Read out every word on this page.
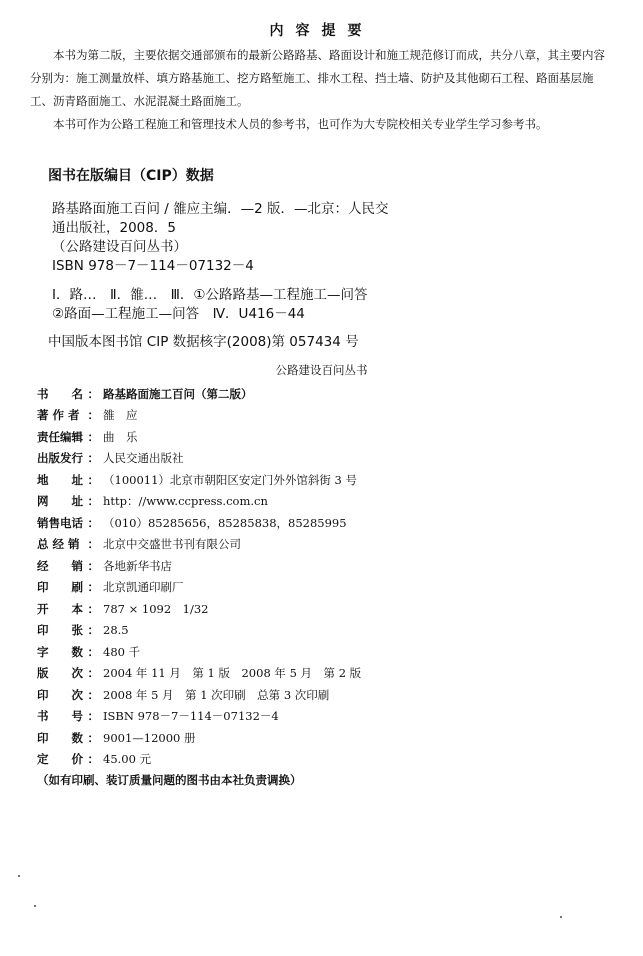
内容提要

本书为第二版，主要依据交通部颁布的最新公路路基、路面设计和施工规范修订而成，共分八章，其主要内容分别为：施工测量放样、填方路基施工、挖方路堑施工、排水工程、挡土墙、防护及其他砌石工程、路面基层施工、沥青路面施工、水泥混凝土路面施工。

本书可作为公路工程施工和管理技术人员的参考书，也可作为大专院校相关专业学生学习参考书。

图书在版编目（CIP）数据
路基路面施工百问 / 雒应主编．—2 版．—北京：人民交
通出版社，2008．5
（公路建设百问丛书）
ISBN 978－7－114－07132－4
Ⅰ．路…　Ⅱ．雒…　Ⅲ．①公路路基—工程施工—问答
②路面—工程施工—问答　Ⅳ．U416－44
中国版本图书馆 CIP 数据核字(2008)第 057434 号
公路建设百问丛书
书　　名 ： 路基路面施工百问（第二版）
著 作 者 ： 雒　应
责任编辑 ： 曲　乐
出版发行 ： 人民交通出版社
地　　址 ： （100011）北京市朝阳区安定门外外馆斜街 3 号
网　　址 ： http：//www.ccpress.com.cn
销售电话 ： （010）85285656，85285838，85285995
总 经 销 ： 北京中交盛世书刊有限公司
经　　销 ： 各地新华书店
印　　刷 ： 北京凯通印刷厂
开　　本 ： 787 × 1092　1/32
印　　张 ： 28.5
字　　数 ： 480 千
版　　次 ： 2004 年 11 月　第 1 版　2008 年 5 月　第 2 版
印　　次 ： 2008 年 5 月　第 1 次印刷　总第 3 次印刷
书　　号 ： ISBN 978－7－114－07132－4
印　　数 ： 9001—12000 册
定　　价 ： 45.00 元
（如有印刷、装订质量问题的图书由本社负责调换）
